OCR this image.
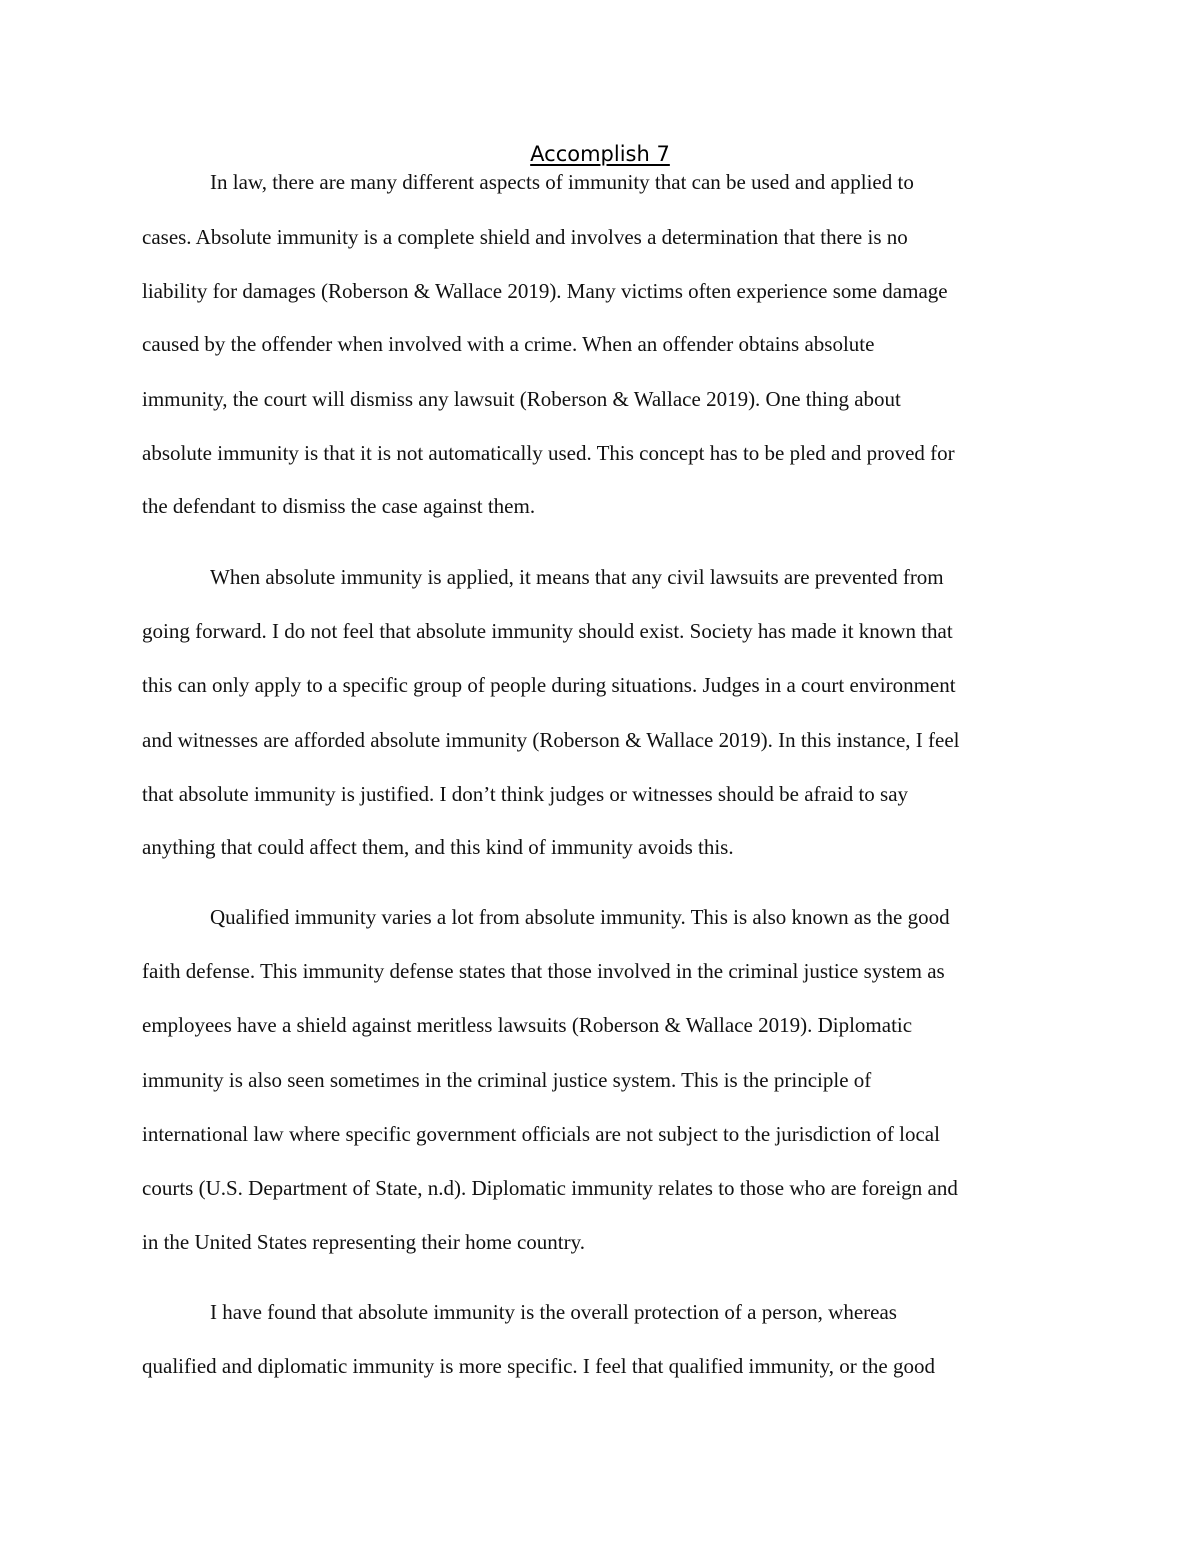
Accomplish 7

In law, there are many different aspects of immunity that can be used and applied to

cases. Absolute immunity is a complete shield and involves a determination that there is no

liability for damages (Roberson & Wallace 2019). Many victims often experience some damage

caused by the offender when involved with a crime. When an offender obtains absolute

immunity, the court will dismiss any lawsuit (Roberson & Wallace 2019). One thing about

absolute immunity is that it is not automatically used. This concept has to be pled and proved for

the defendant to dismiss the case against them.

When absolute immunity is applied, it means that any civil lawsuits are prevented from

going forward. I do not feel that absolute immunity should exist. Society has made it known that

this can only apply to a specific group of people during situations. Judges in a court environment

and witnesses are afforded absolute immunity (Roberson & Wallace 2019). In this instance, I feel

that absolute immunity is justified. I don’t think judges or witnesses should be afraid to say

anything that could affect them, and this kind of immunity avoids this.

Qualified immunity varies a lot from absolute immunity. This is also known as the good

faith defense. This immunity defense states that those involved in the criminal justice system as

employees have a shield against meritless lawsuits (Roberson & Wallace 2019). Diplomatic

immunity is also seen sometimes in the criminal justice system. This is the principle of

international law where specific government officials are not subject to the jurisdiction of local

courts (U.S. Department of State, n.d). Diplomatic immunity relates to those who are foreign and

in the United States representing their home country.

I have found that absolute immunity is the overall protection of a person, whereas

qualified and diplomatic immunity is more specific. I feel that qualified immunity, or the good
